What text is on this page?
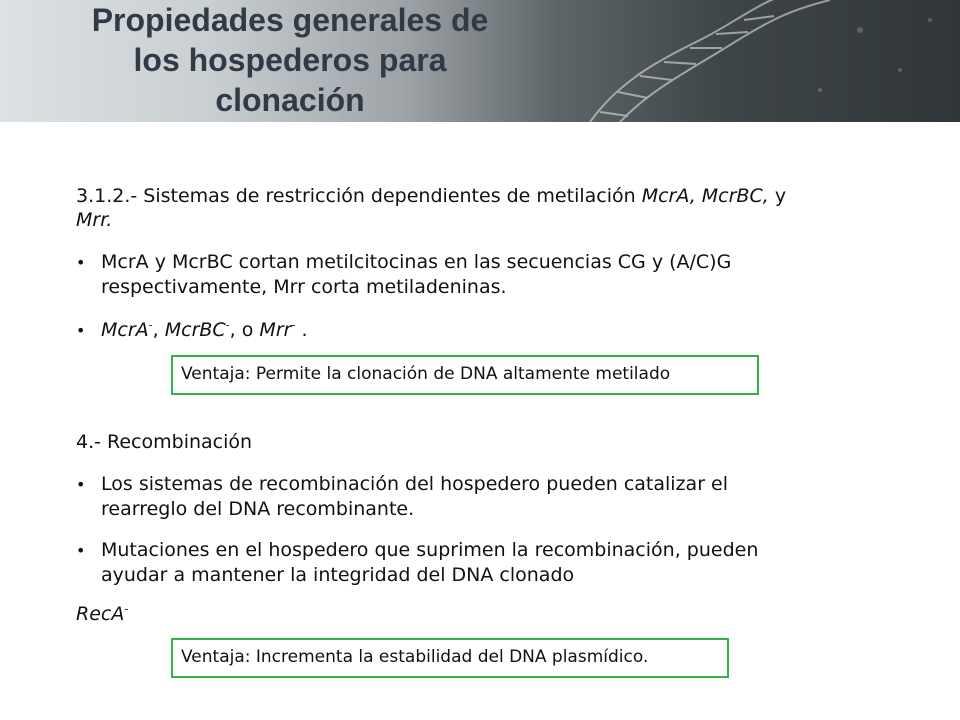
Propiedades generales de
los hospederos para
clonación
3.1.2.- Sistemas de restricción dependientes de metilación McrA, McrBC, y
Mrr.
• McrA y McrBC cortan metilcitocinas en las secuencias CG y (A/C)G
respectivamente, Mrr corta metiladeninas.
• McrA-, McrBC-, o Mrr- .
4.- Recombinación
• Los sistemas de recombinación del hospedero pueden catalizar el
rearreglo del DNA recombinante.
• Mutaciones en el hospedero que suprimen la recombinación, pueden
ayudar a mantener la integridad del DNA clonado
RecA-
Ventaja: Permite la clonación de DNA altamente metilado
Ventaja: Incrementa la estabilidad del DNA plasmídico.
